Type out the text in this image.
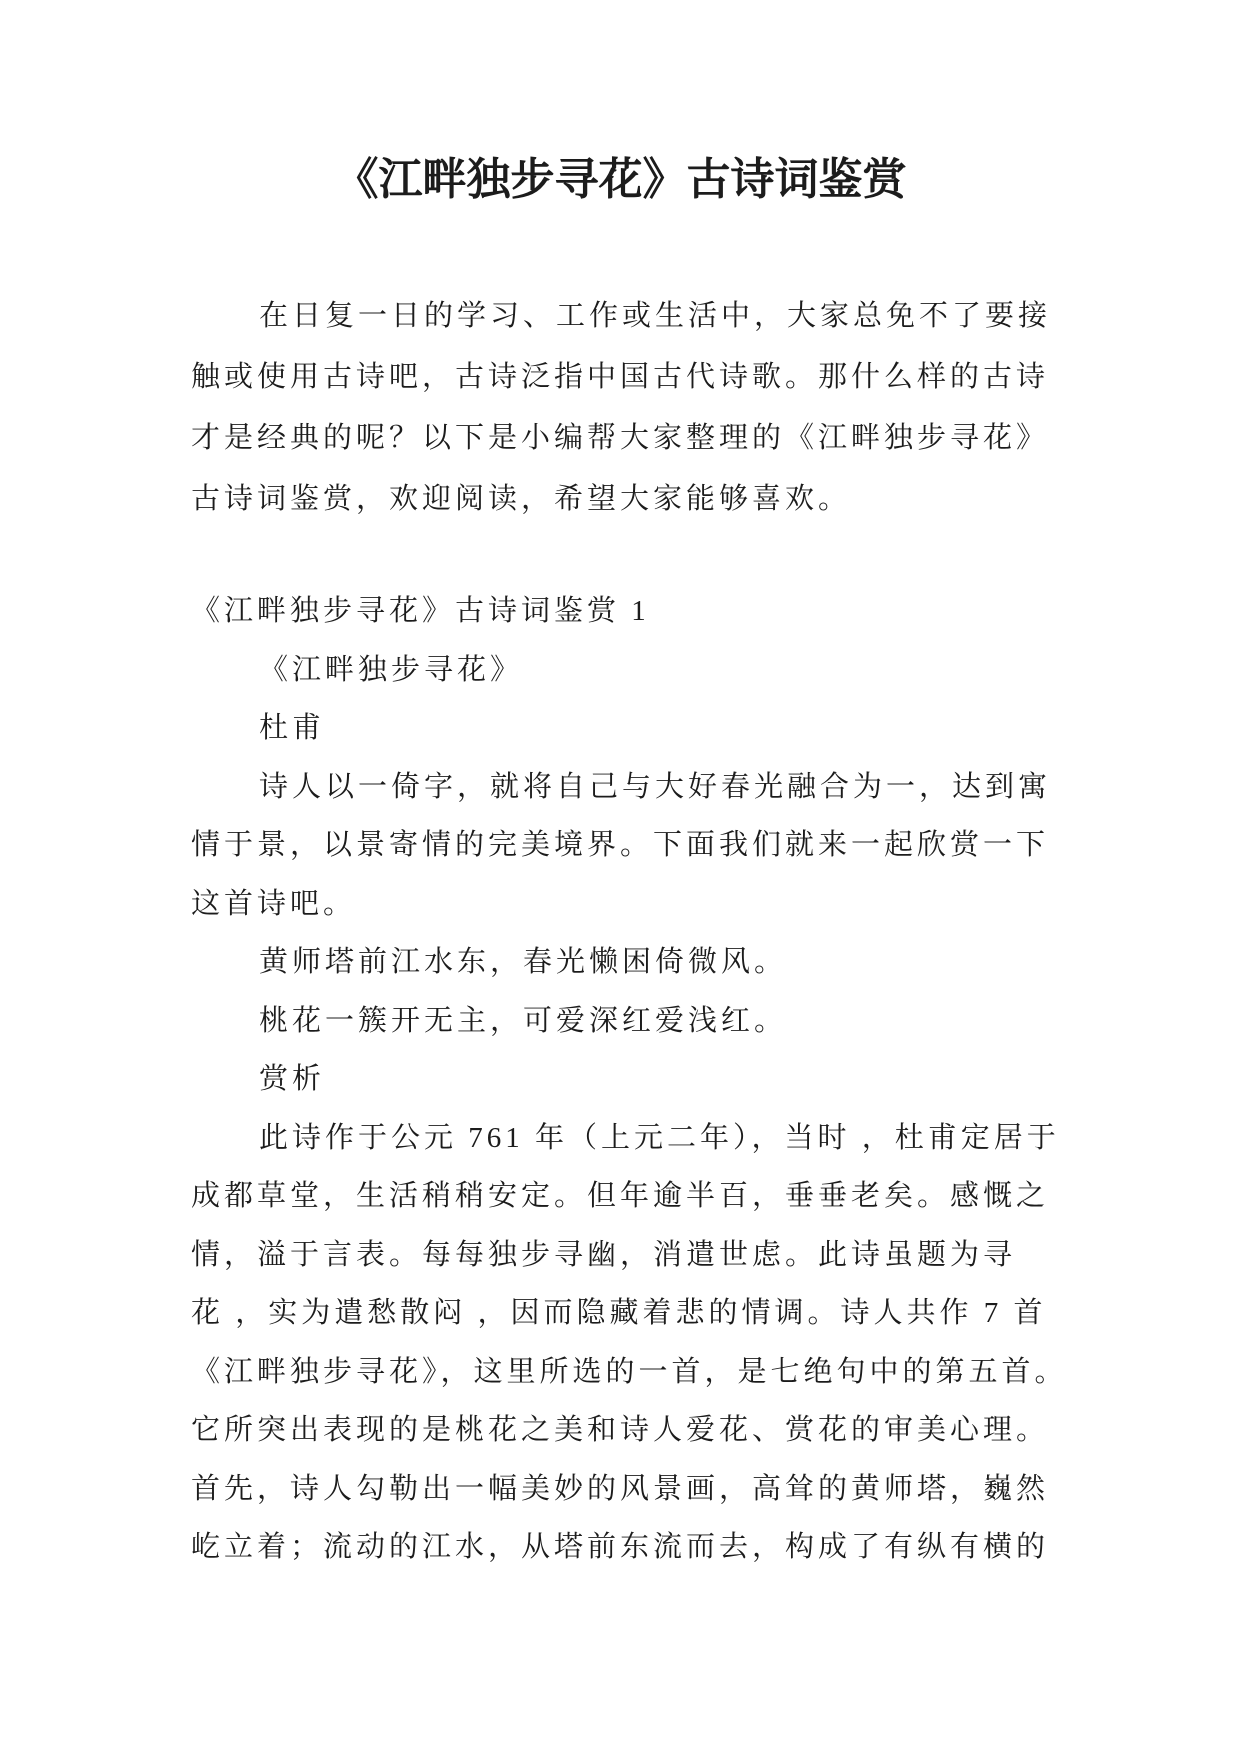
《江畔独步寻花》古诗词鉴赏
在日复一日的学习、工作或生活中，大家总免不了要接
触或使用古诗吧，古诗泛指中国古代诗歌。那什么样的古诗
才是经典的呢？以下是小编帮大家整理的《江畔独步寻花》
古诗词鉴赏，欢迎阅读，希望大家能够喜欢。
《江畔独步寻花》古诗词鉴赏 1
《江畔独步寻花》
杜甫
诗人以一倚字，就将自己与大好春光融合为一，达到寓
情于景，以景寄情的完美境界。下面我们就来一起欣赏一下
这首诗吧。
黄师塔前江水东，春光懒困倚微风。
桃花一簇开无主，可爱深红爱浅红。
赏析
此诗作于公元 761 年（上元二年），当时 ，杜甫定居于
成都草堂，生活稍稍安定。但年逾半百，垂垂老矣。感慨之
情，溢于言表。每每独步寻幽，消遣世虑。此诗虽题为寻
花 ，实为遣愁散闷 ，因而隐藏着悲的情调。诗人共作 7 首
《江畔独步寻花》，这里所选的一首，是七绝句中的第五首。
它所突出表现的是桃花之美和诗人爱花、赏花的审美心理。
首先，诗人勾勒出一幅美妙的风景画，高耸的黄师塔，巍然
屹立着；流动的江水，从塔前东流而去，构成了有纵有横的
